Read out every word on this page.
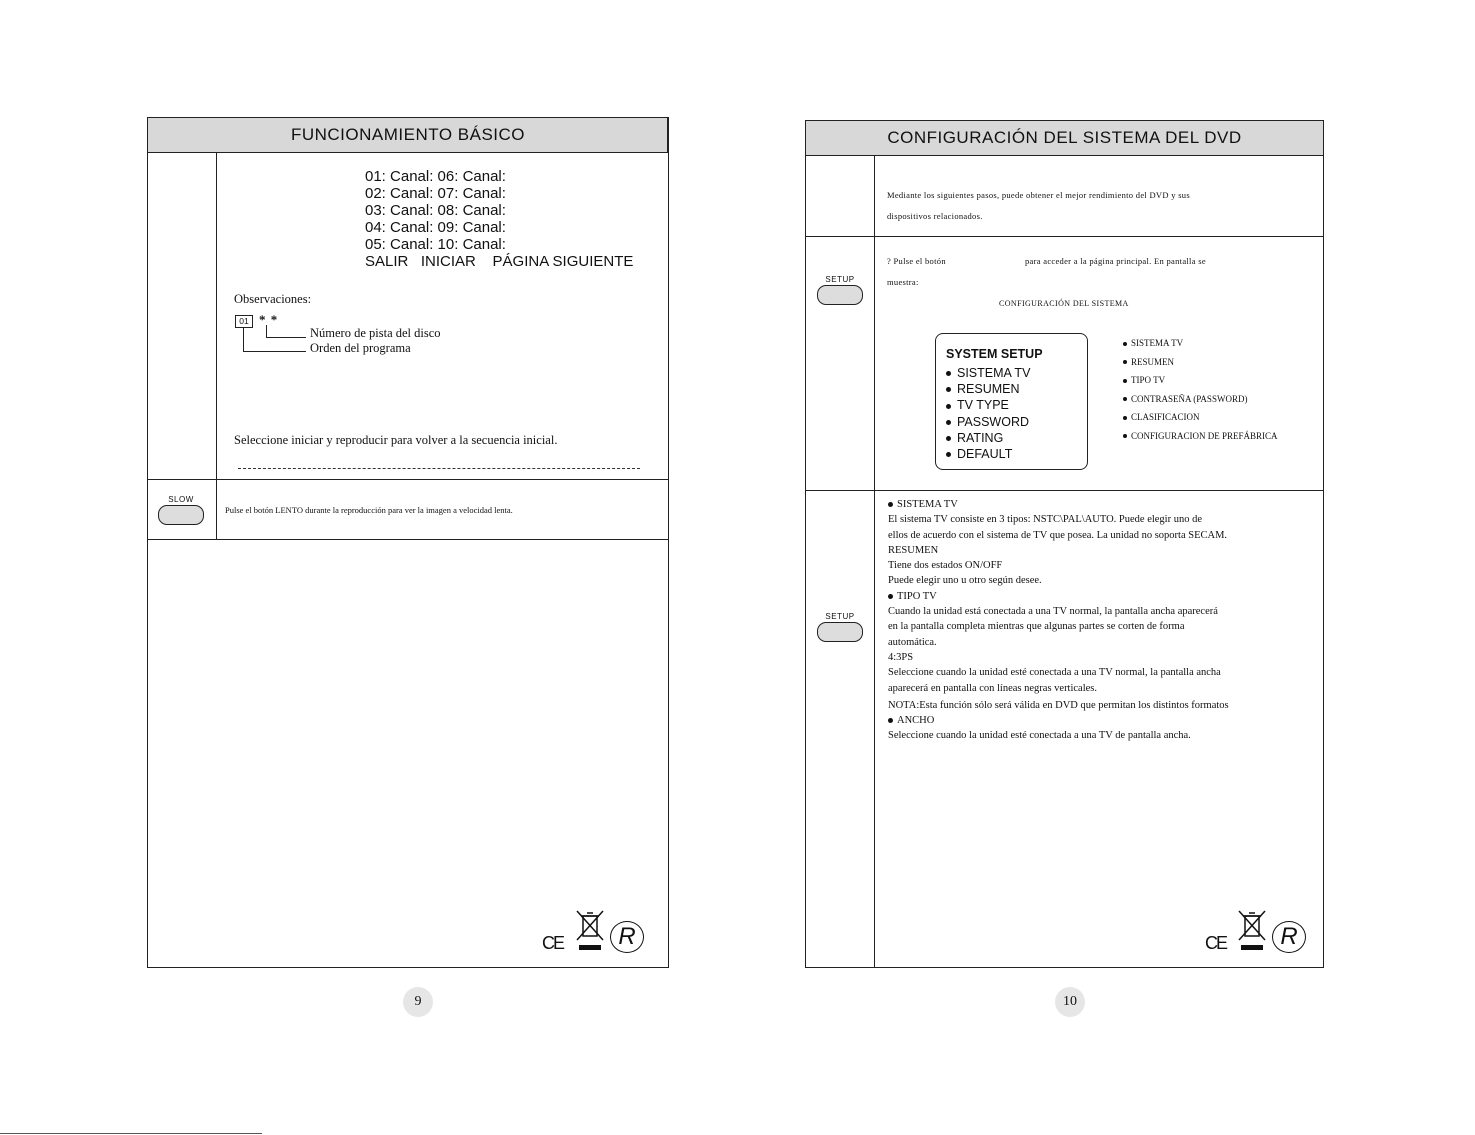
FUNCIONAMIENTO BÁSICO
01: Canal: 06: Canal:
02: Canal: 07: Canal:
03: Canal: 08: Canal:
04: Canal: 09: Canal:
05: Canal: 10: Canal:
SALIR   INICIAR    PÁGINA SIGUIENTE
Observaciones:
01 * *
Número de pista del disco
Orden del programa
Seleccione iniciar y reproducir para volver a la secuencia inicial.
SLOW
Pulse el botón LENTO durante la reproducción para ver la imagen a velocidad lenta.
CE R
9
CONFIGURACIÓN DEL SISTEMA DEL DVD
Mediante los siguientes pasos, puede obtener el mejor rendimiento del DVD y sus
dispositivos relacionados.
SETUP
? Pulse el botón	para acceder a la página principal. En pantalla se
muestra:
CONFIGURACIÓN DEL SISTEMA
SYSTEM SETUP
SISTEMA TV
RESUMEN
TV TYPE
PASSWORD
RATING
DEFAULT
SISTEMA TV
RESUMEN
TIPO TV
CONTRASEÑA (PASSWORD)
CLASIFICACION
CONFIGURACION DE PREFÁBRICA
SETUP
SISTEMA TV
El sistema TV consiste en 3 tipos: NSTC\PAL\AUTO. Puede elegir uno de
ellos de acuerdo con el sistema de TV que posea. La unidad no soporta SECAM.
RESUMEN
Tiene dos estados ON/OFF
Puede elegir uno u otro según desee.
TIPO TV
Cuando la unidad está conectada a una TV normal, la pantalla ancha aparecerá
en la pantalla completa mientras que algunas partes se corten de forma
automática.
4:3PS
Seleccione cuando la unidad esté conectada a una TV normal, la pantalla ancha
aparecerá en pantalla con líneas negras verticales.
NOTA:Esta función sólo será válida en DVD que permitan los distintos formatos
ANCHO
Seleccione cuando la unidad esté conectada a una TV de pantalla ancha.
CE R
10
